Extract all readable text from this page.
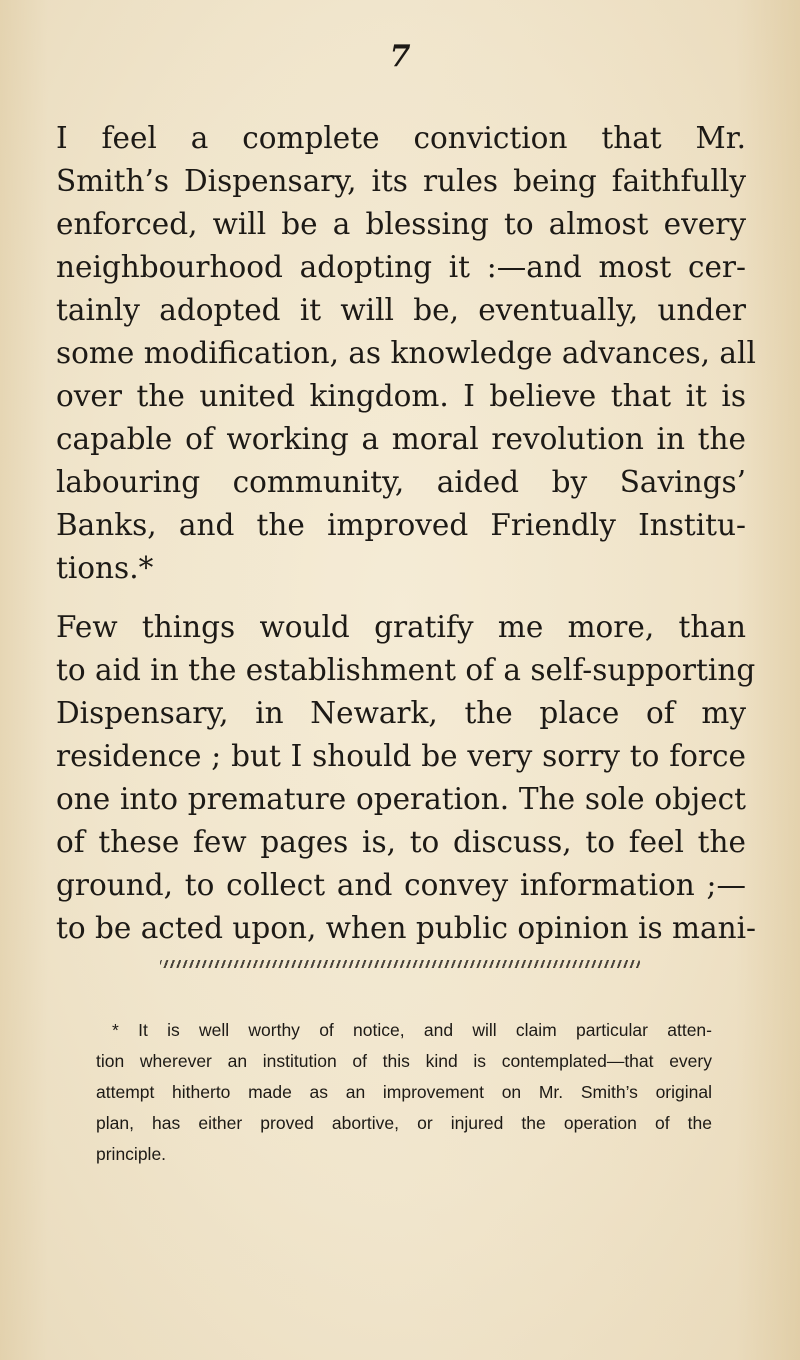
7
I feel a complete conviction that Mr.
Smith’s Dispensary, its rules being faithfully
enforced, will be a blessing to almost every
neighbourhood adopting it :—and most cer-
tainly adopted it will be, eventually, under
some modification, as knowledge advances, all
over the united kingdom. I believe that it is
capable of working a moral revolution in the
labouring community, aided by Savings’
Banks, and the improved Friendly Institu-
tions.*
Few things would gratify me more, than
to aid in the establishment of a self-supporting
Dispensary, in Newark, the place of my
residence ; but I should be very sorry to force
one into premature operation. The sole object
of these few pages is, to discuss, to feel the
ground, to collect and convey information ;—
to be acted upon, when public opinion is mani-
* It is well worthy of notice, and will claim particular atten-
tion wherever an institution of this kind is contemplated—that every
attempt hitherto made as an improvement on Mr. Smith’s original
plan, has either proved abortive, or injured the operation of the
principle.
